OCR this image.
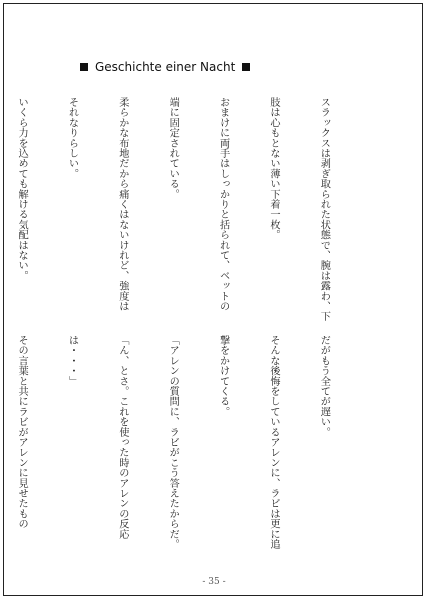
Geschichte einer Nacht

スラックスは剥ぎ取られた状態で、腕は露わ、下

肢は心もとない薄い下着一枚。

おまけに両手はしっかりと括られて、ベットの

端に固定されている。

柔らかな布地だから痛くはないけれど、強度は

それなりらしい。

いくら力を込めても解ける気配はない。

だがもう全てが遅い。

そんな後悔をしているアレンに、ラビは更に追

撃をかけてくる。

「アレンの質問に、ラビがこう答えたからだ。

「ん、とさ。これを使った時のアレンの反応

は・・・」

その言葉と共にラビがアレンに見せたもの

- 35 -
